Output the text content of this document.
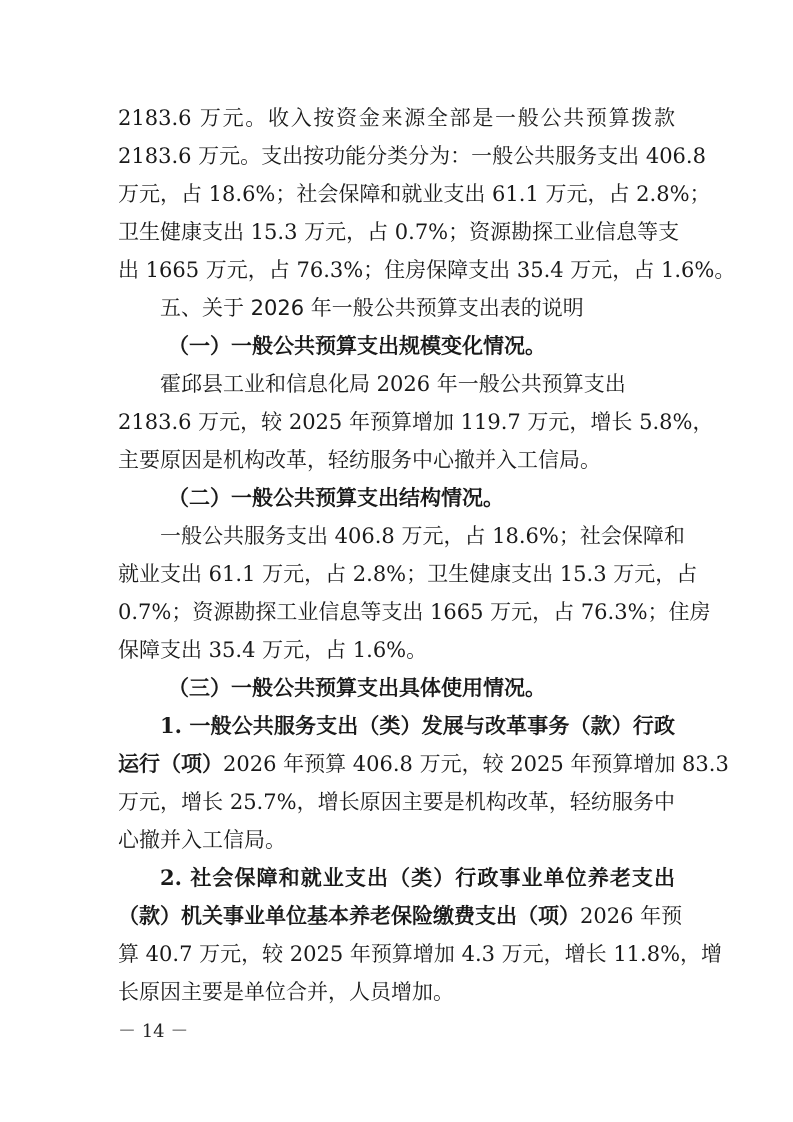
2183.6 万元。收入按资金来源全部是一般公共预算拨款
2183.6 万元。支出按功能分类分为：一般公共服务支出 406.8
万元，占 18.6%；社会保障和就业支出 61.1 万元，占 2.8%；
卫生健康支出 15.3 万元，占 0.7%；资源勘探工业信息等支
出 1665 万元，占 76.3%；住房保障支出 35.4 万元，占 1.6%。
五、关于 2026 年一般公共预算支出表的说明
（一）一般公共预算支出规模变化情况。
霍邱县工业和信息化局 2026 年一般公共预算支出
2183.6 万元，较 2025 年预算增加 119.7 万元，增长 5.8%，
主要原因是机构改革，轻纺服务中心撤并入工信局。
（二）一般公共预算支出结构情况。
一般公共服务支出 406.8 万元，占 18.6%；社会保障和
就业支出 61.1 万元，占 2.8%；卫生健康支出 15.3 万元，占
0.7%；资源勘探工业信息等支出 1665 万元，占 76.3%；住房
保障支出 35.4 万元，占 1.6%。
（三）一般公共预算支出具体使用情况。
1. 一般公共服务支出（类）发展与改革事务（款）行政
运行（项）2026 年预算 406.8 万元，较 2025 年预算增加 83.3
万元，增长 25.7%，增长原因主要是机构改革，轻纺服务中
心撤并入工信局。
2. 社会保障和就业支出（类）行政事业单位养老支出
（款）机关事业单位基本养老保险缴费支出（项）2026 年预
算 40.7 万元，较 2025 年预算增加 4.3 万元，增长 11.8%，增
长原因主要是单位合并，人员增加。
－ 14 －
